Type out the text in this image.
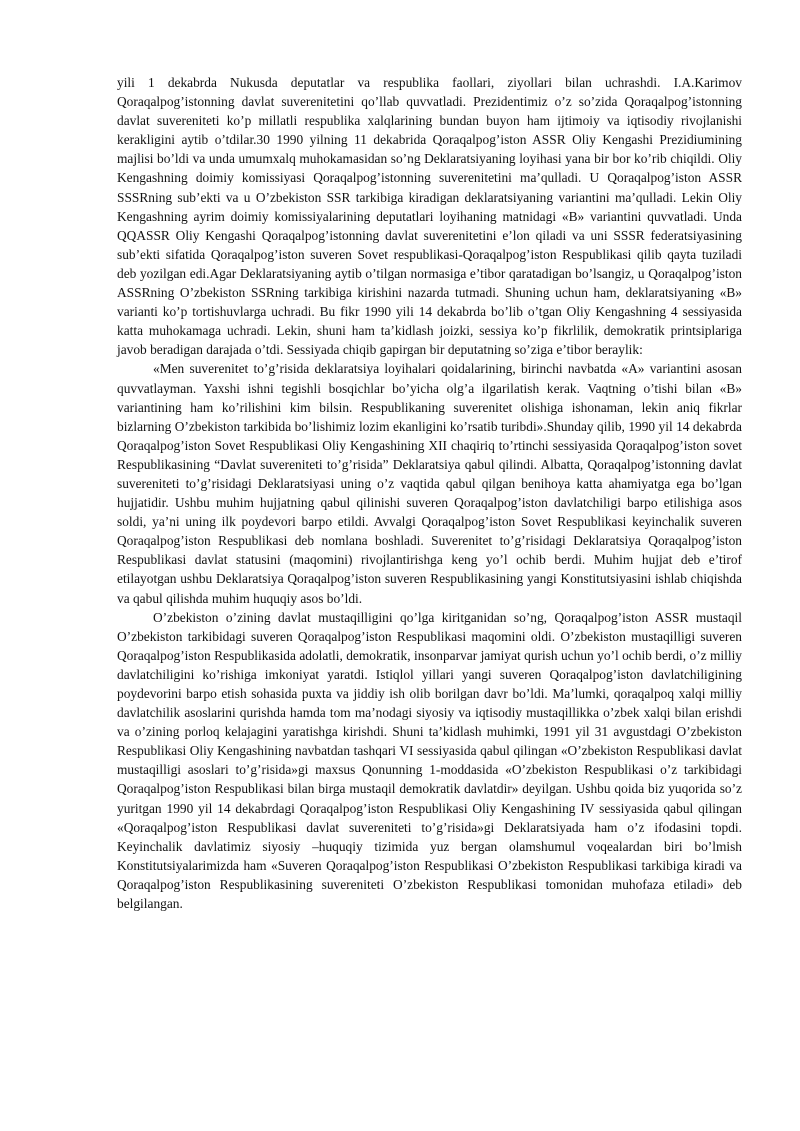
yili 1 dekabrda Nukusda deputatlar va respublika faollari, ziyollari bilan uchrashdi. I.A.Karimov Qoraqalpog’istonning davlat suverenitetini qo’llab quvvatladi. Prezidentimiz o’z so’zida Qoraqalpog’istonning davlat suvereniteti ko’p millatli respublika xalqlarining bundan buyon ham ijtimoiy va iqtisodiy rivojlanishi kerakligini aytib o’tdilar.30 1990 yilning 11 dekabrida Qoraqalpog’iston ASSR Oliy Kengashi Prezidiumining majlisi bo’ldi va unda umumxalq muhokamasidan so’ng Deklaratsiyaning loyihasi yana bir bor ko’rib chiqildi. Oliy Kengashning doimiy komissiyasi Qoraqalpog’istonning suverenitetini ma’qulladi. U Qoraqalpog’iston ASSR SSSRning sub’ekti va u O’zbekiston SSR tarkibiga kiradigan deklaratsiyaning variantini ma’qulladi. Lekin Oliy Kengashning ayrim doimiy komissiyalarining deputatlari loyihaning matnidagi «B» variantini quvvatladi. Unda QQASSR Oliy Kengashi Qoraqalpog’istonning davlat suverenitetini e’lon qiladi va uni SSSR federatsiyasining sub’ekti sifatida Qoraqalpog’iston suveren Sovet respublikasi-Qoraqalpog’iston Respublikasi qilib qayta tuziladi deb yozilgan edi.Agar Deklaratsiyaning aytib o’tilgan normasiga e’tibor qaratadigan bo’lsangiz, u Qoraqalpog’iston ASSRning O’zbekiston SSRning tarkibiga kirishini nazarda tutmadi. Shuning uchun ham, deklaratsiyaning «B» varianti ko’p tortishuvlarga uchradi. Bu fikr 1990 yili 14 dekabrda bo’lib o’tgan Oliy Kengashning 4 sessiyasida katta muhokamaga uchradi. Lekin, shuni ham ta’kidlash joizki, sessiya ko’p fikrlilik, demokratik printsiplariga javob beradigan darajada o’tdi. Sessiyada chiqib gapirgan bir deputatning so’ziga e’tibor beraylik:

«Men suverenitet to’g’risida deklaratsiya loyihalari qoidalarining, birinchi navbatda «A» variantini asosan quvvatlayman. Yaxshi ishni tegishli bosqichlar bo’yicha olg’a ilgarilatish kerak. Vaqtning o’tishi bilan «B» variantining ham ko’rilishini kim bilsin. Respublikaning suverenitet olishiga ishonaman, lekin aniq fikrlar bizlarning O’zbekiston tarkibida bo’lishimiz lozim ekanligini ko’rsatib turibdi».Shunday qilib, 1990 yil 14 dekabrda Qoraqalpog’iston Sovet Respublikasi Oliy Kengashining XII chaqiriq to’rtinchi sessiyasida Qoraqalpog’iston sovet Respublikasining “Davlat suvereniteti to’g’risida” Deklaratsiya qabul qilindi. Albatta, Qoraqalpog’istonning davlat suvereniteti to’g’risidagi Deklaratsiyasi uning o’z vaqtida qabul qilgan benihoya katta ahamiyatga ega bo’lgan hujjatidir. Ushbu muhim hujjatning qabul qilinishi suveren Qoraqalpog’iston davlatchiligi barpo etilishiga asos soldi, ya’ni uning ilk poydevori barpo etildi. Avvalgi Qoraqalpog’iston Sovet Respublikasi keyinchalik suveren Qoraqalpog’iston Respublikasi deb nomlana boshladi. Suverenitet to’g’risidagi Deklaratsiya Qoraqalpog’iston Respublikasi davlat statusini (maqomini) rivojlantirishga keng yo’l ochib berdi. Muhim hujjat deb e’tirof etilayotgan ushbu Deklaratsiya Qoraqalpog’iston suveren Respublikasining yangi Konstitutsiyasini ishlab chiqishda va qabul qilishda muhim huquqiy asos bo’ldi.

O’zbekiston o’zining davlat mustaqilligini qo’lga kiritganidan so’ng, Qoraqalpog’iston ASSR mustaqil O’zbekiston tarkibidagi suveren Qoraqalpog’iston Respublikasi maqomini oldi. O’zbekiston mustaqilligi suveren Qoraqalpog’iston Respublikasida adolatli, demokratik, insonparvar jamiyat qurish uchun yo’l ochib berdi, o’z milliy davlatchiligini ko’rishiga imkoniyat yaratdi. Istiqlol yillari yangi suveren Qoraqalpog’iston davlatchiligining poydevorini barpo etish sohasida puxta va jiddiy ish olib borilgan davr bo’ldi. Ma’lumki, qoraqalpoq xalqi milliy davlatchilik asoslarini qurishda hamda tom ma’nodagi siyosiy va iqtisodiy mustaqillikka o’zbek xalqi bilan erishdi va o’zining porloq kelajagini yaratishga kirishdi. Shuni ta’kidlash muhimki, 1991 yil 31 avgustdagi O’zbekiston Respublikasi Oliy Kengashining navbatdan tashqari VI sessiyasida qabul qilingan «O’zbekiston Respublikasi davlat mustaqilligi asoslari to’g’risida»gi maxsus Qonunning 1-moddasida «O’zbekiston Respublikasi o’z tarkibidagi Qoraqalpog’iston Respublikasi bilan birga mustaqil demokratik davlatdir» deyilgan. Ushbu qoida biz yuqorida so’z yuritgan 1990 yil 14 dekabrdagi Qoraqalpog’iston Respublikasi Oliy Kengashining IV sessiyasida qabul qilingan «Qoraqalpog’iston Respublikasi davlat suvereniteti to’g’risida»gi Deklaratsiyada ham o’z ifodasini topdi. Keyinchalik davlatimiz siyosiy –huquqiy tizimida yuz bergan olamshumul voqealardan biri bo’lmish Konstitutsiyalarimizda ham «Suveren Qoraqalpog’iston Respublikasi O’zbekiston Respublikasi tarkibiga kiradi va Qoraqalpog’iston Respublikasining suvereniteti O’zbekiston Respublikasi tomonidan muhofaza etiladi» deb belgilangan.
